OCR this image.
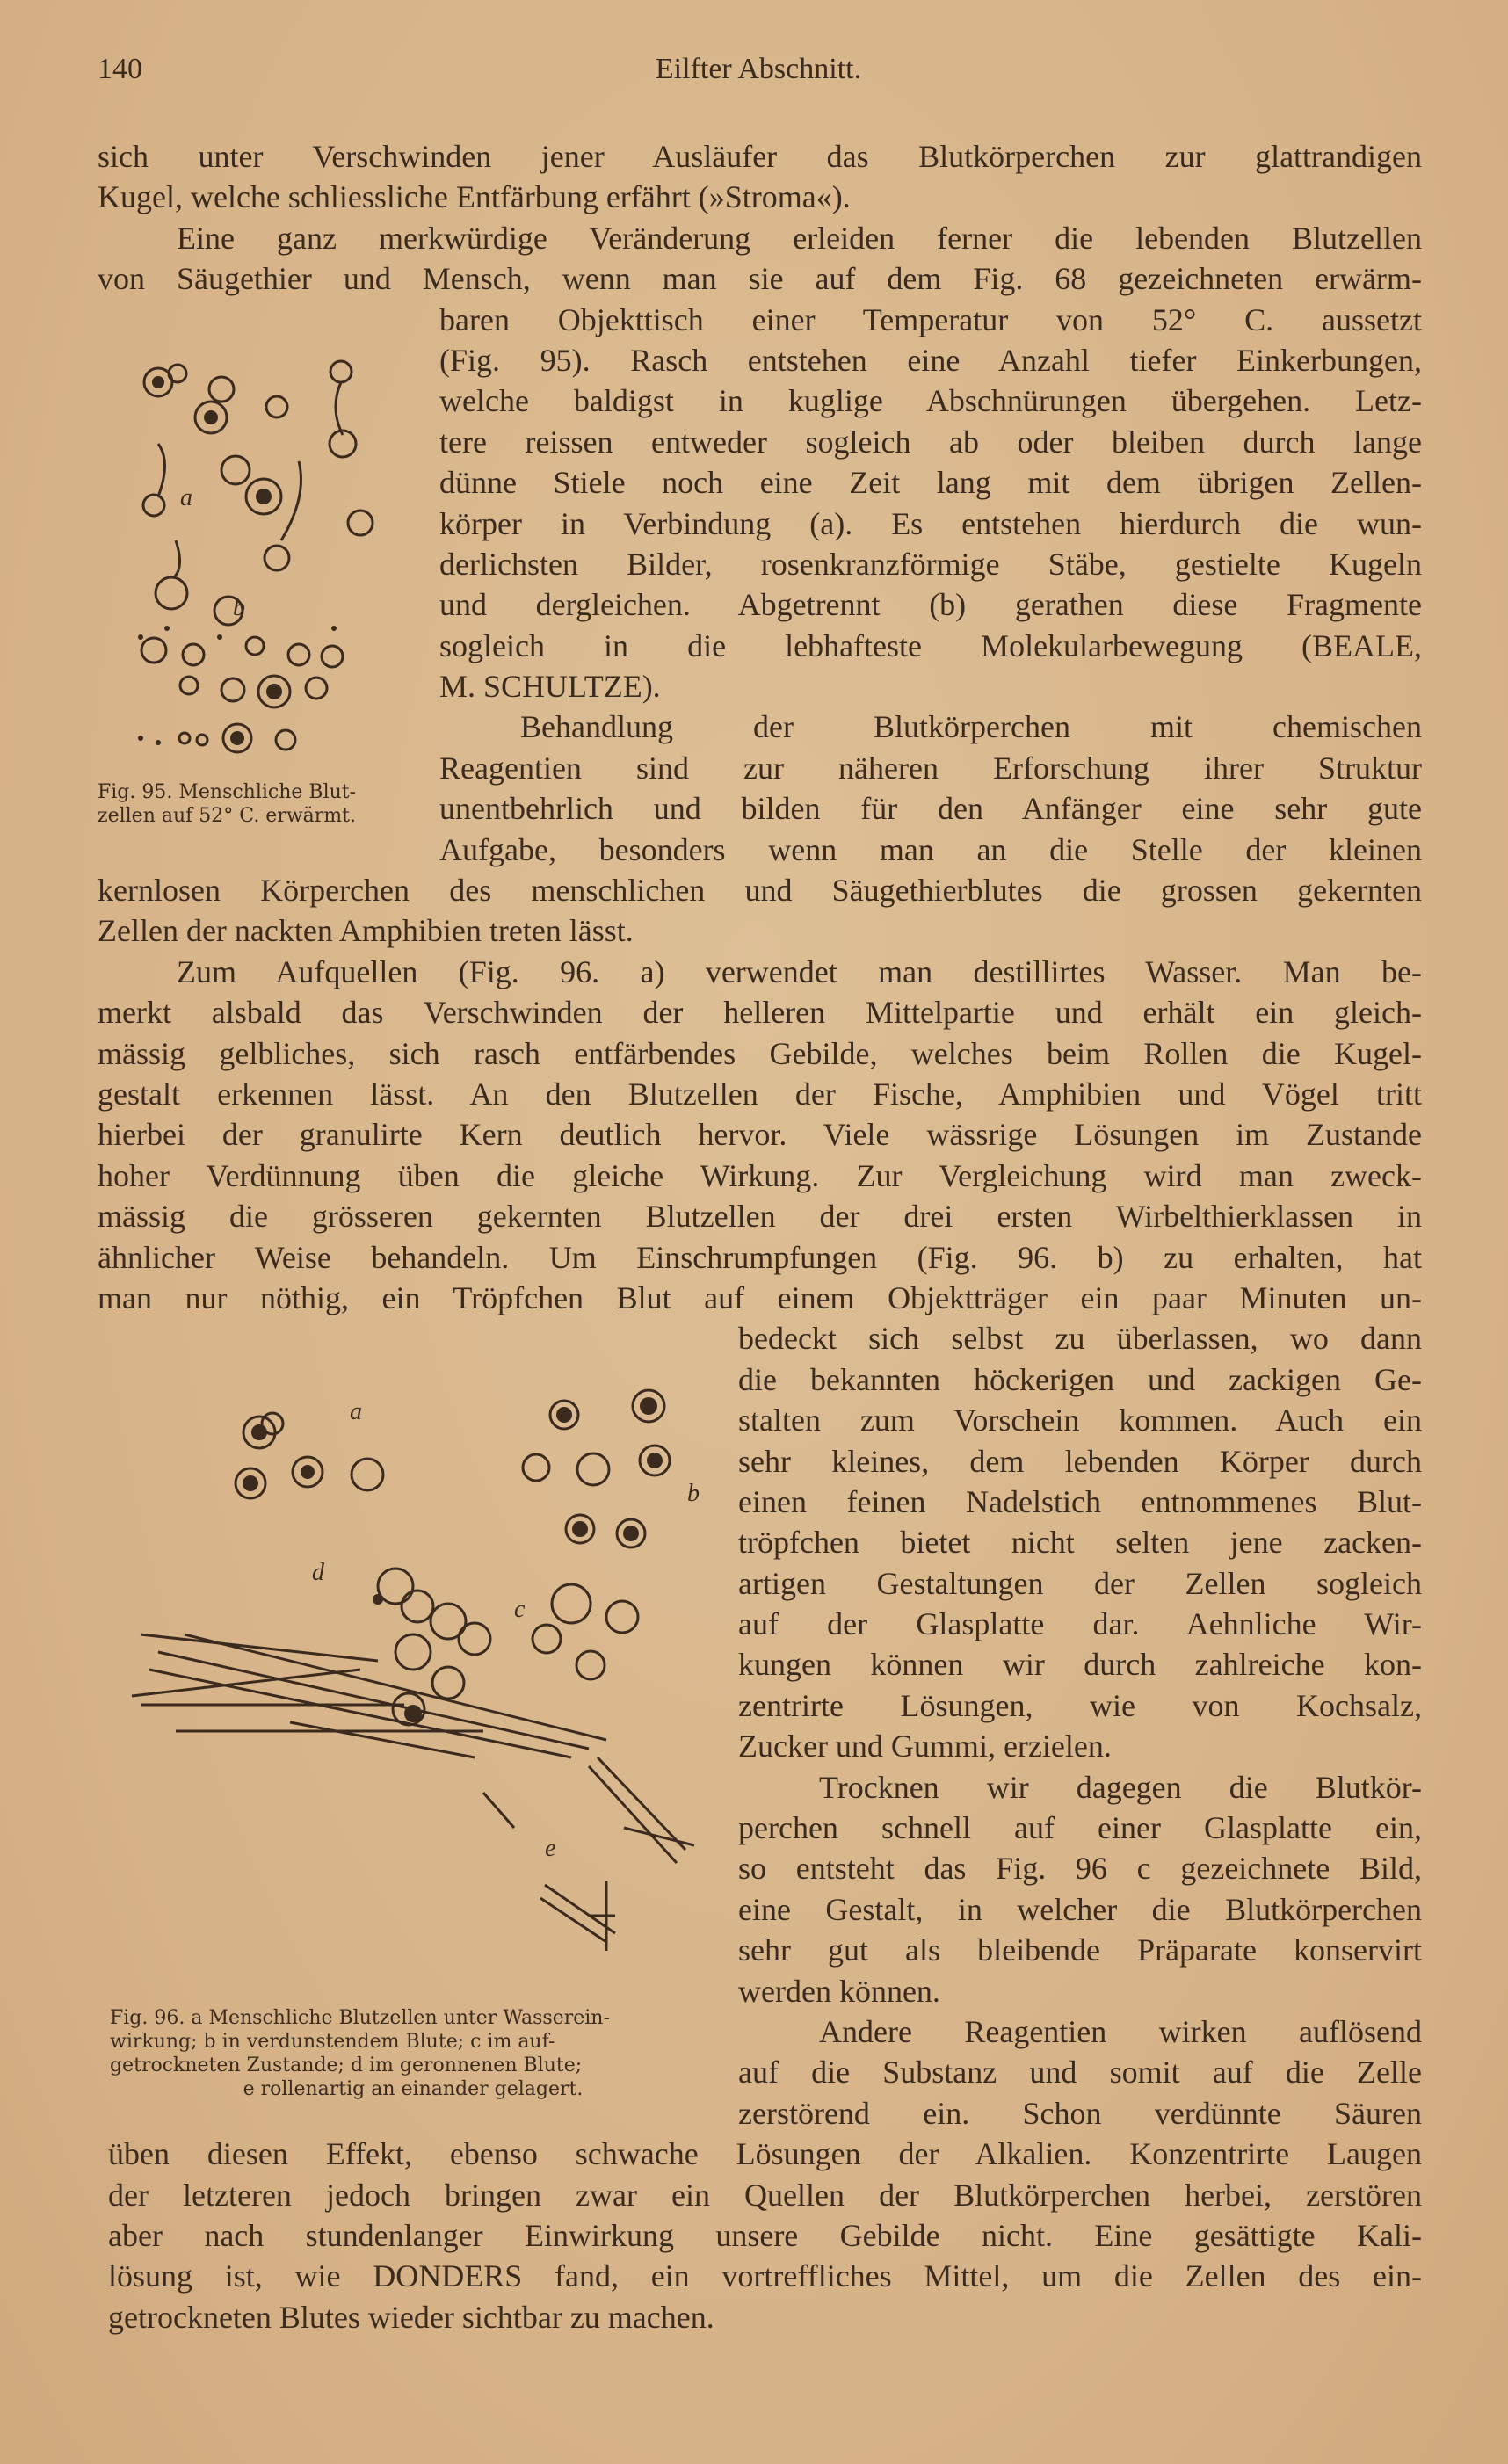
140	Eilfter Abschnitt.
sich unter Verschwinden jener Ausläufer das Blutkörperchen zur glattrandigen
Kugel, welche schliessliche Entfärbung erfährt (»Stroma«).
Eine ganz merkwürdige Veränderung erleiden ferner die lebenden Blutzellen
von Säugethier und Mensch, wenn man sie auf dem Fig. 68 gezeichneten erwärm-
baren Objekttisch einer Temperatur von 52° C. aussetzt
(Fig. 95). Rasch entstehen eine Anzahl tiefer Einkerbungen,
welche baldigst in kuglige Abschnürungen übergehen. Letz-
tere reissen entweder sogleich ab oder bleiben durch lange
dünne Stiele noch eine Zeit lang mit dem übrigen Zellen-
körper in Verbindung (a). Es entstehen hierdurch die wun-
derlichsten Bilder, rosenkranzförmige Stäbe, gestielte Kugeln
und dergleichen. Abgetrennt (b) gerathen diese Fragmente
sogleich in die lebhafteste Molekularbewegung (BEALE,
M. SCHULTZE).
Behandlung der Blutkörperchen mit chemischen
Reagentien sind zur näheren Erforschung ihrer Struktur
unentbehrlich und bilden für den Anfänger eine sehr gute
Aufgabe, besonders wenn man an die Stelle der kleinen
kernlosen Körperchen des menschlichen und Säugethierblutes die grossen gekernten
Zellen der nackten Amphibien treten lässt.
Zum Aufquellen (Fig. 96. a) verwendet man destillirtes Wasser. Man be-
merkt alsbald das Verschwinden der helleren Mittelpartie und erhält ein gleich-
mässig gelbliches, sich rasch entfärbendes Gebilde, welches beim Rollen die Kugel-
gestalt erkennen lässt. An den Blutzellen der Fische, Amphibien und Vögel tritt
hierbei der granulirte Kern deutlich hervor. Viele wässrige Lösungen im Zustande
hoher Verdünnung üben die gleiche Wirkung. Zur Vergleichung wird man zweck-
mässig die grösseren gekernten Blutzellen der drei ersten Wirbelthierklassen in
ähnlicher Weise behandeln. Um Einschrumpfungen (Fig. 96. b) zu erhalten, hat
man nur nöthig, ein Tröpfchen Blut auf einem Objektträger ein paar Minuten un-
bedeckt sich selbst zu überlassen, wo dann
die bekannten höckerigen und zackigen Ge-
stalten zum Vorschein kommen. Auch ein
sehr kleines, dem lebenden Körper durch
einen feinen Nadelstich entnommenes Blut-
tröpfchen bietet nicht selten jene zacken-
artigen Gestaltungen der Zellen sogleich
auf der Glasplatte dar. Aehnliche Wir-
kungen können wir durch zahlreiche kon-
zentrirte Lösungen, wie von Kochsalz,
Zucker und Gummi, erzielen.
Trocknen wir dagegen die Blutkör-
perchen schnell auf einer Glasplatte ein,
so entsteht das Fig. 96 c gezeichnete Bild,
eine Gestalt, in welcher die Blutkörperchen
sehr gut als bleibende Präparate konservirt
werden können.
Andere Reagentien wirken auflösend
auf die Substanz und somit auf die Zelle
zerstörend ein. Schon verdünnte Säuren
üben diesen Effekt, ebenso schwache Lösungen der Alkalien. Konzentrirte Laugen
der letzteren jedoch bringen zwar ein Quellen der Blutkörperchen herbei, zerstören
aber nach stundenlanger Einwirkung unsere Gebilde nicht. Eine gesättigte Kali-
lösung ist, wie DONDERS fand, ein vortreffliches Mittel, um die Zellen des ein-
getrockneten Blutes wieder sichtbar zu machen.
a
b
Fig. 95. Menschliche Blut-
zellen auf 52° C. erwärmt.
a
b
c
d
e
Fig. 96. a Menschliche Blutzellen unter Wasserein-
wirkung; b in verdunstendem Blute; c im auf-
getrockneten Zustande; d im geronnenen Blute;
e rollenartig an einander gelagert.
